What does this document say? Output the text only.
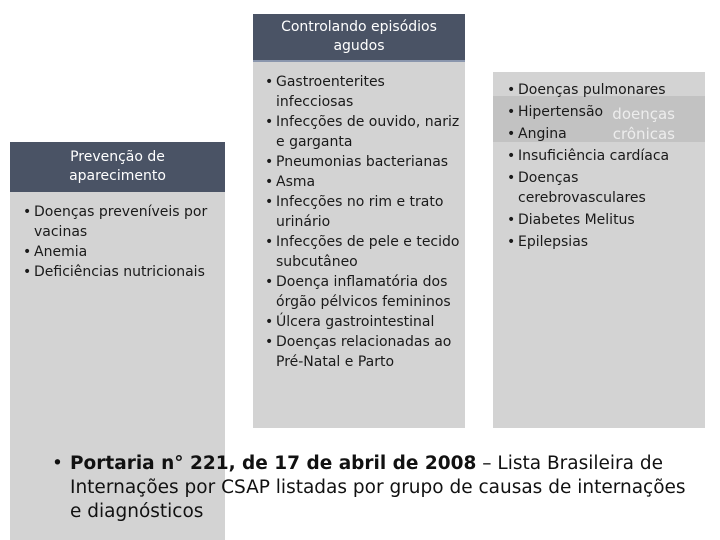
Prevenção de
aparecimento
• Doenças preveníveis por vacinas
• Anemia
• Deficiências nutricionais
Controlando episódios
agudos
• Gastroenterites infecciosas
• Infecções de ouvido, nariz e garganta
• Pneumonias bacterianas
• Asma
• Infecções no rim e trato urinário
• Infecções de pele e tecido subcutâneo
• Doença inflamatória dos órgão pélvicos femininos
• Úlcera gastrointestinal
• Doenças relacionadas ao Pré-Natal e Parto
doenças
crônicas
• Doenças pulmonares
• Hipertensão
• Angina
• Insuficiência cardíaca
• Doenças cerebrovasculares
• Diabetes Melitus
• Epilepsias
• Portaria n° 221, de 17 de abril de 2008 – Lista Brasileira de Internações por CSAP listadas por grupo de causas de internações e diagnósticos
